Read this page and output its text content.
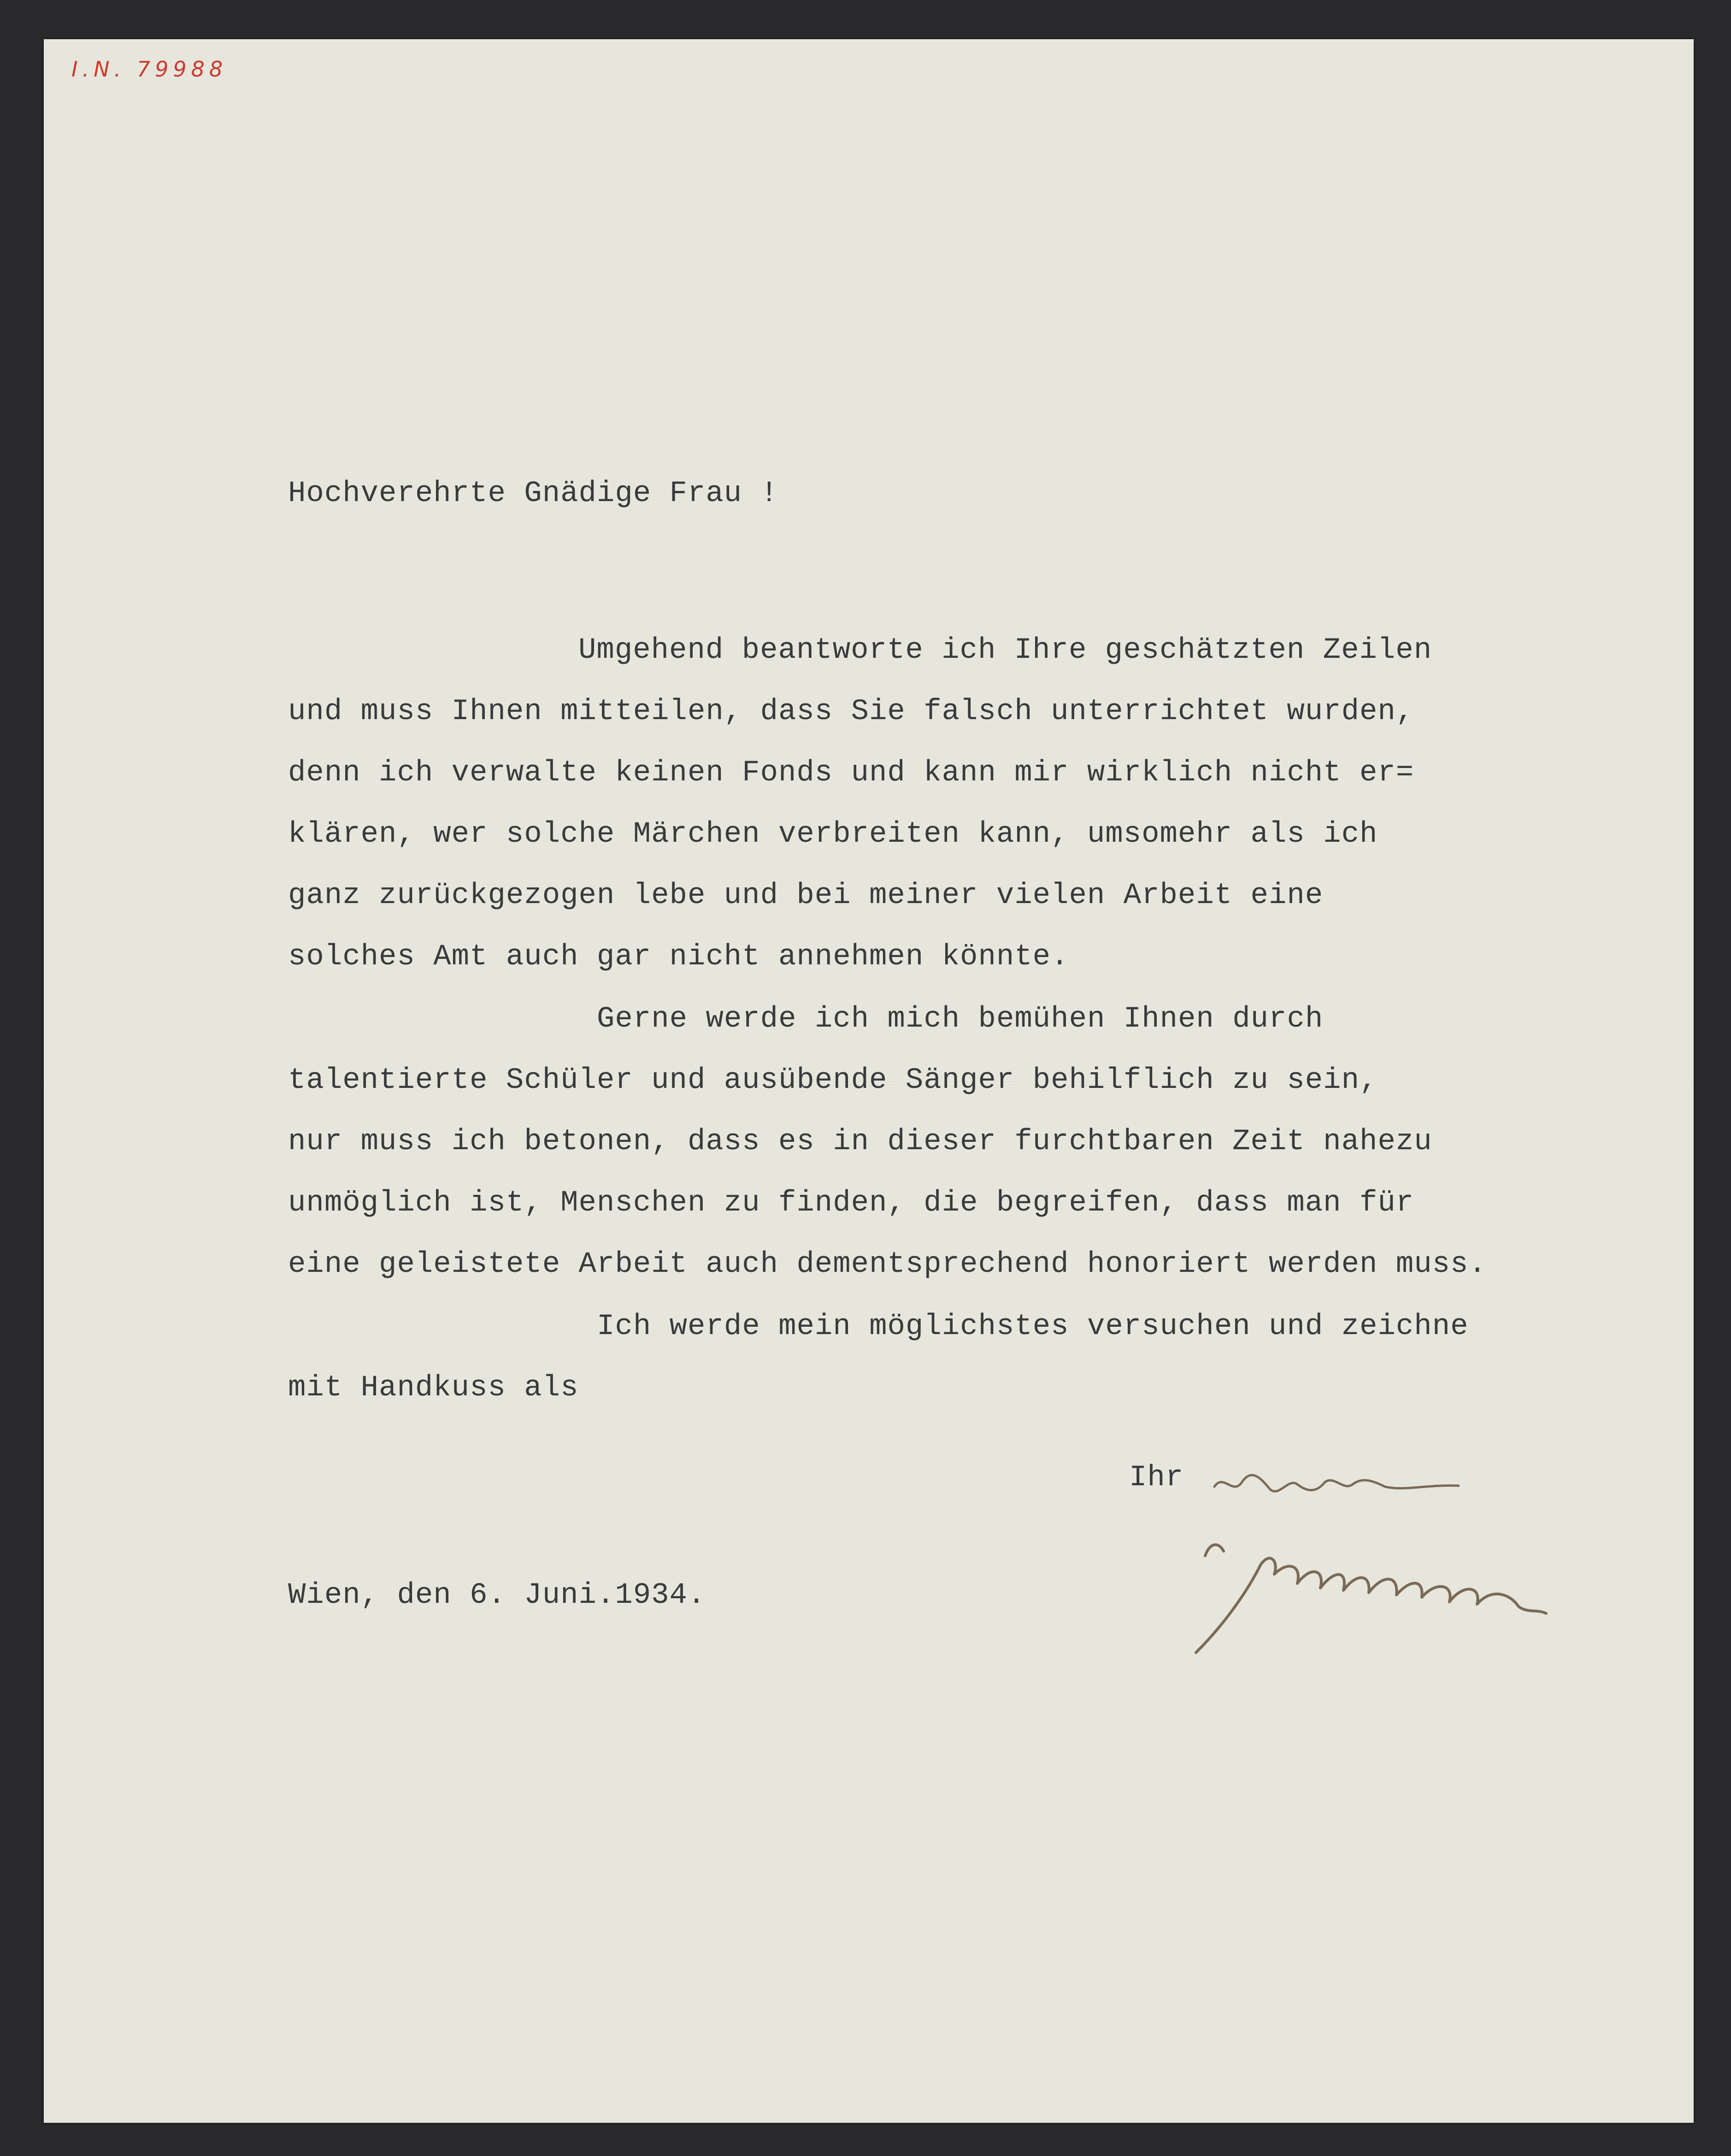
I.N. 79988
Hochverehrte Gnädige Frau !
Umgehend beantworte ich Ihre geschätzten Zeilen
und muss Ihnen mitteilen, dass Sie falsch unterrichtet wurden,
denn ich verwalte keinen Fonds und kann mir wirklich nicht er=
klären, wer solche Märchen verbreiten kann, umsomehr als ich
ganz zurückgezogen lebe und bei meiner vielen Arbeit eine
solches Amt auch gar nicht annehmen könnte.
Gerne werde ich mich bemühen Ihnen durch
talentierte Schüler und ausübende Sänger behilflich zu sein,
nur muss ich betonen, dass es in dieser furchtbaren Zeit nahezu
unmöglich ist, Menschen zu finden, die begreifen, dass man für
eine geleistete Arbeit auch dementsprechend honoriert werden muss.
Ich werde mein möglichstes versuchen und zeichne
mit Handkuss als
Ihr
Wien, den 6. Juni.1934.
